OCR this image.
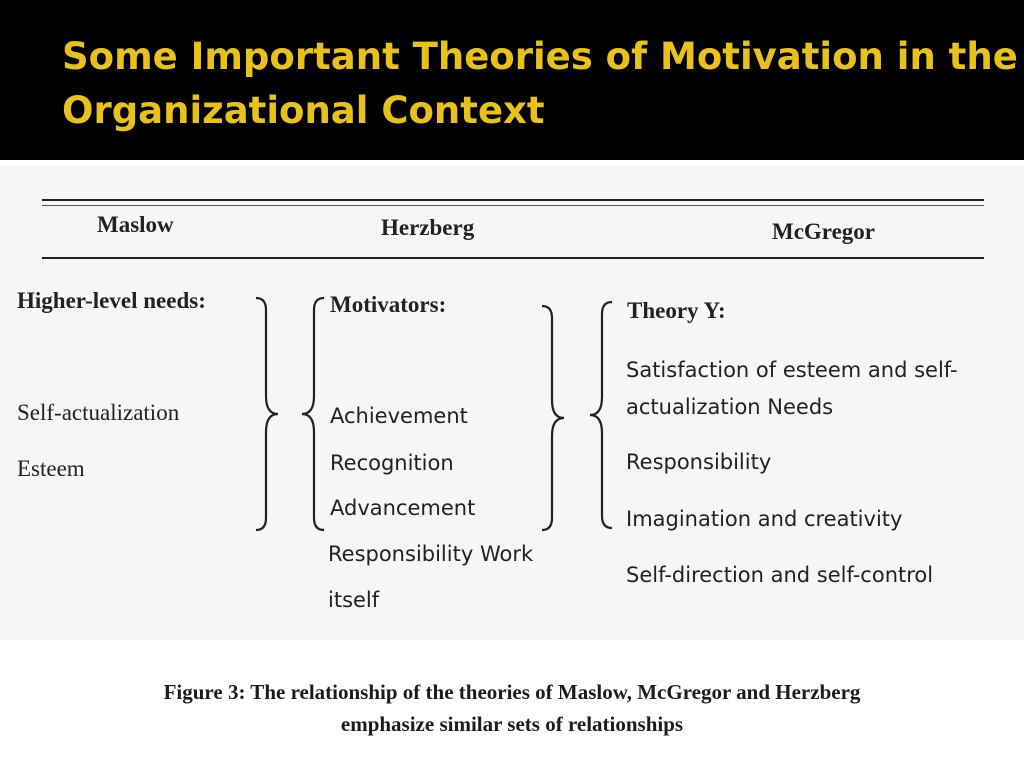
Some Important Theories of Motivation in the Organizational Context
Maslow	Herzberg	McGregor
Higher-level needs:
Self-actualization
Esteem
Motivators:
Achievement
Recognition
Advancement
Responsibility Work
itself
Theory Y:
Satisfaction of esteem and self-
actualization Needs
Responsibility
Imagination and creativity
Self-direction and self-control
Figure 3: The relationship of the theories of Maslow, McGregor and Herzberg
emphasize similar sets of relationships
